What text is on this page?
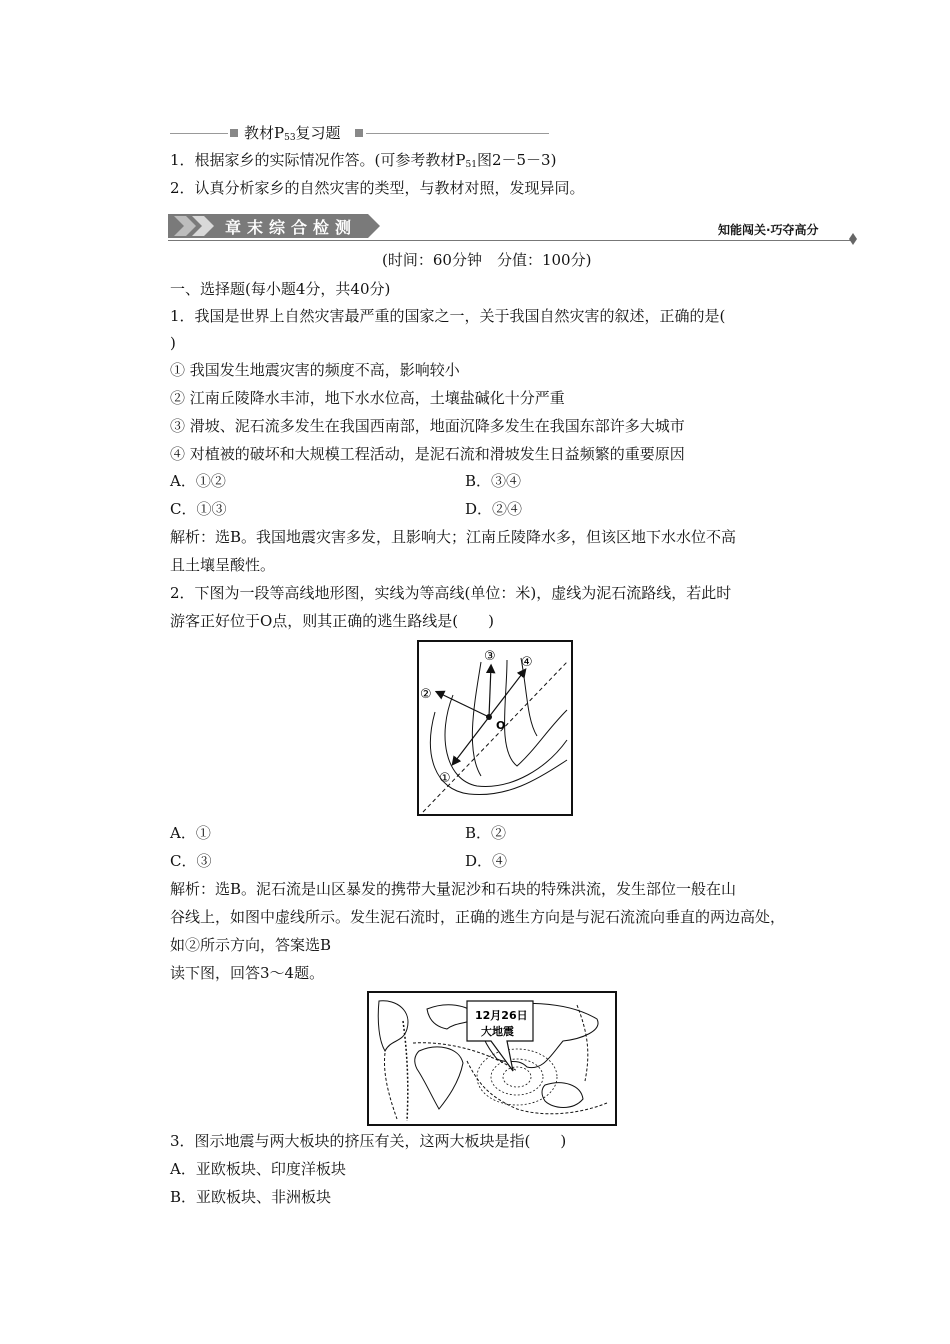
教材$P_{53}$复习题
1．根据家乡的实际情况作答。(可参考教材$P_{51}$图2－5－3)
2．认真分析家乡的自然灾害的类型，与教材对照，发现异同。
章末综合检测	知能闯关·巧夺高分
(时间：60分钟　分值：100分)
一、选择题(每小题4分，共40分)
1．我国是世界上自然灾害最严重的国家之一，关于我国自然灾害的叙述，正确的是(
)
① 我国发生地震灾害的频度不高，影响较小
② 江南丘陵降水丰沛，地下水水位高，土壤盐碱化十分严重
③ 滑坡、泥石流多发生在我国西南部，地面沉降多发生在我国东部许多大城市
④ 对植被的破坏和大规模工程活动，是泥石流和滑坡发生日益频繁的重要原因
A．①②	B．③④
C．①③	D．②④
解析：选B。我国地震灾害多发，且影响大；江南丘陵降水多，但该区地下水水位不高
且土壤呈酸性。
2．下图为一段等高线地形图，实线为等高线(单位：米)，虚线为泥石流路线，若此时
游客正好位于O点，则其正确的逃生路线是(　　)
①
②
③ ④
O
A．①	B．②
C．③	D．④
解析：选B。泥石流是山区暴发的携带大量泥沙和石块的特殊洪流，发生部位一般在山
谷线上，如图中虚线所示。发生泥石流时，正确的逃生方向是与泥石流流向垂直的两边高处，
如②所示方向，答案选B
读下图，回答3～4题。
12月26日
大地震
3．图示地震与两大板块的挤压有关，这两大板块是指(　　)
A．亚欧板块、印度洋板块
B．亚欧板块、非洲板块
